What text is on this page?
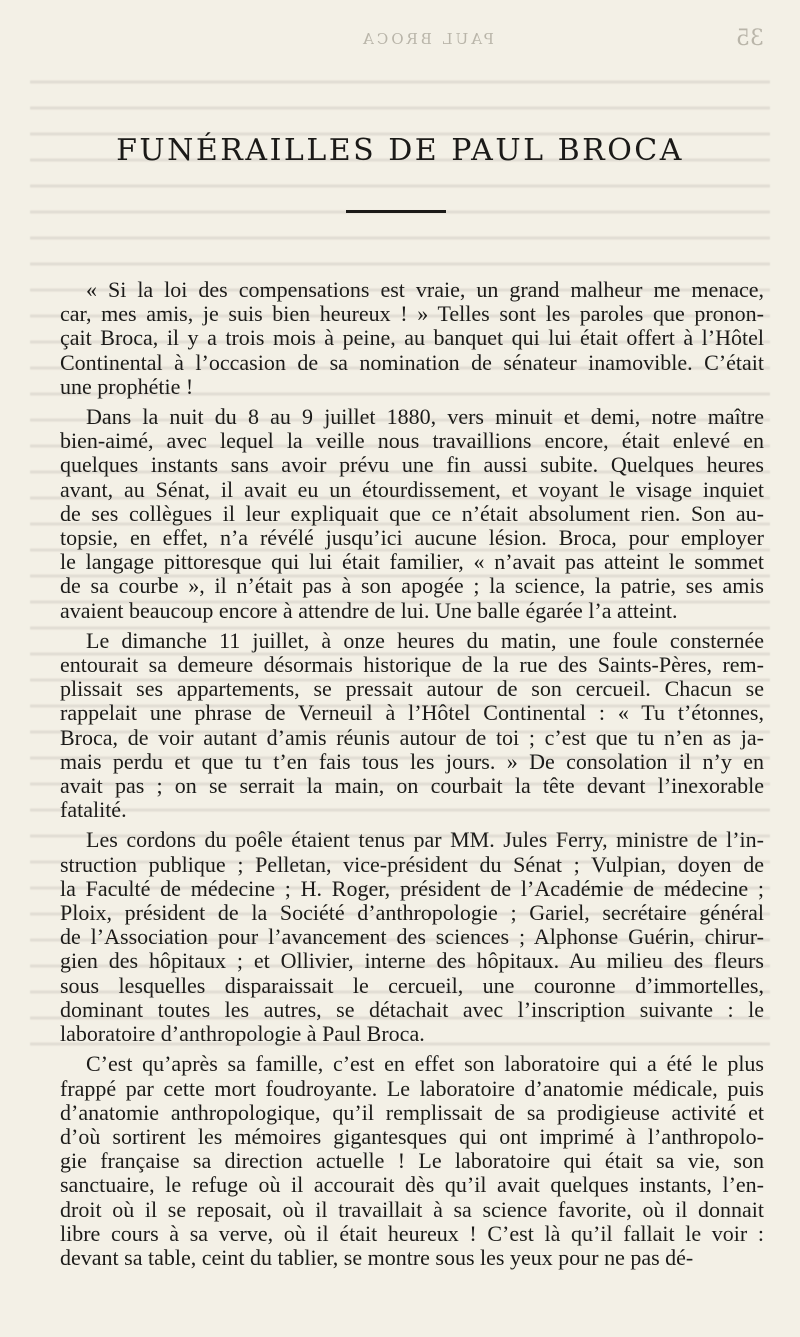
PAUL BROCA	35
FUNÉRAILLES DE PAUL BROCA
« Si la loi des compensations est vraie, un grand malheur me menace,
car, mes amis, je suis bien heureux ! » Telles sont les paroles que pronon-
çait Broca, il y a trois mois à peine, au banquet qui lui était offert à l’Hôtel
Continental à l’occasion de sa nomination de sénateur inamovible. C’était
une prophétie !
Dans la nuit du 8 au 9 juillet 1880, vers minuit et demi, notre maître
bien-aimé, avec lequel la veille nous travaillions encore, était enlevé en
quelques instants sans avoir prévu une fin aussi subite. Quelques heures
avant, au Sénat, il avait eu un étourdissement, et voyant le visage inquiet
de ses collègues il leur expliquait que ce n’était absolument rien. Son au-
topsie, en effet, n’a révélé jusqu’ici aucune lésion. Broca, pour employer
le langage pittoresque qui lui était familier, « n’avait pas atteint le sommet
de sa courbe », il n’était pas à son apogée ; la science, la patrie, ses amis
avaient beaucoup encore à attendre de lui. Une balle égarée l’a atteint.
Le dimanche 11 juillet, à onze heures du matin, une foule consternée
entourait sa demeure désormais historique de la rue des Saints-Pères, rem-
plissait ses appartements, se pressait autour de son cercueil. Chacun se
rappelait une phrase de Verneuil à l’Hôtel Continental : « Tu t’étonnes,
Broca, de voir autant d’amis réunis autour de toi ; c’est que tu n’en as ja-
mais perdu et que tu t’en fais tous les jours. » De consolation il n’y en
avait pas ; on se serrait la main, on courbait la tête devant l’inexorable
fatalité.
Les cordons du poêle étaient tenus par MM. Jules Ferry, ministre de l’in-
struction publique ; Pelletan, vice-président du Sénat ; Vulpian, doyen de
la Faculté de médecine ; H. Roger, président de l’Académie de médecine ;
Ploix, président de la Société d’anthropologie ; Gariel, secrétaire général
de l’Association pour l’avancement des sciences ; Alphonse Guérin, chirur-
gien des hôpitaux ; et Ollivier, interne des hôpitaux. Au milieu des fleurs
sous lesquelles disparaissait le cercueil, une couronne d’immortelles,
dominant toutes les autres, se détachait avec l’inscription suivante : le
laboratoire d’anthropologie à Paul Broca.
C’est qu’après sa famille, c’est en effet son laboratoire qui a été le plus
frappé par cette mort foudroyante. Le laboratoire d’anatomie médicale, puis
d’anatomie anthropologique, qu’il remplissait de sa prodigieuse activité et
d’où sortirent les mémoires gigantesques qui ont imprimé à l’anthropolo-
gie française sa direction actuelle ! Le laboratoire qui était sa vie, son
sanctuaire, le refuge où il accourait dès qu’il avait quelques instants, l’en-
droit où il se reposait, où il travaillait à sa science favorite, où il donnait
libre cours à sa verve, où il était heureux ! C’est là qu’il fallait le voir :
devant sa table, ceint du tablier, se montre sous les yeux pour ne pas dé-
